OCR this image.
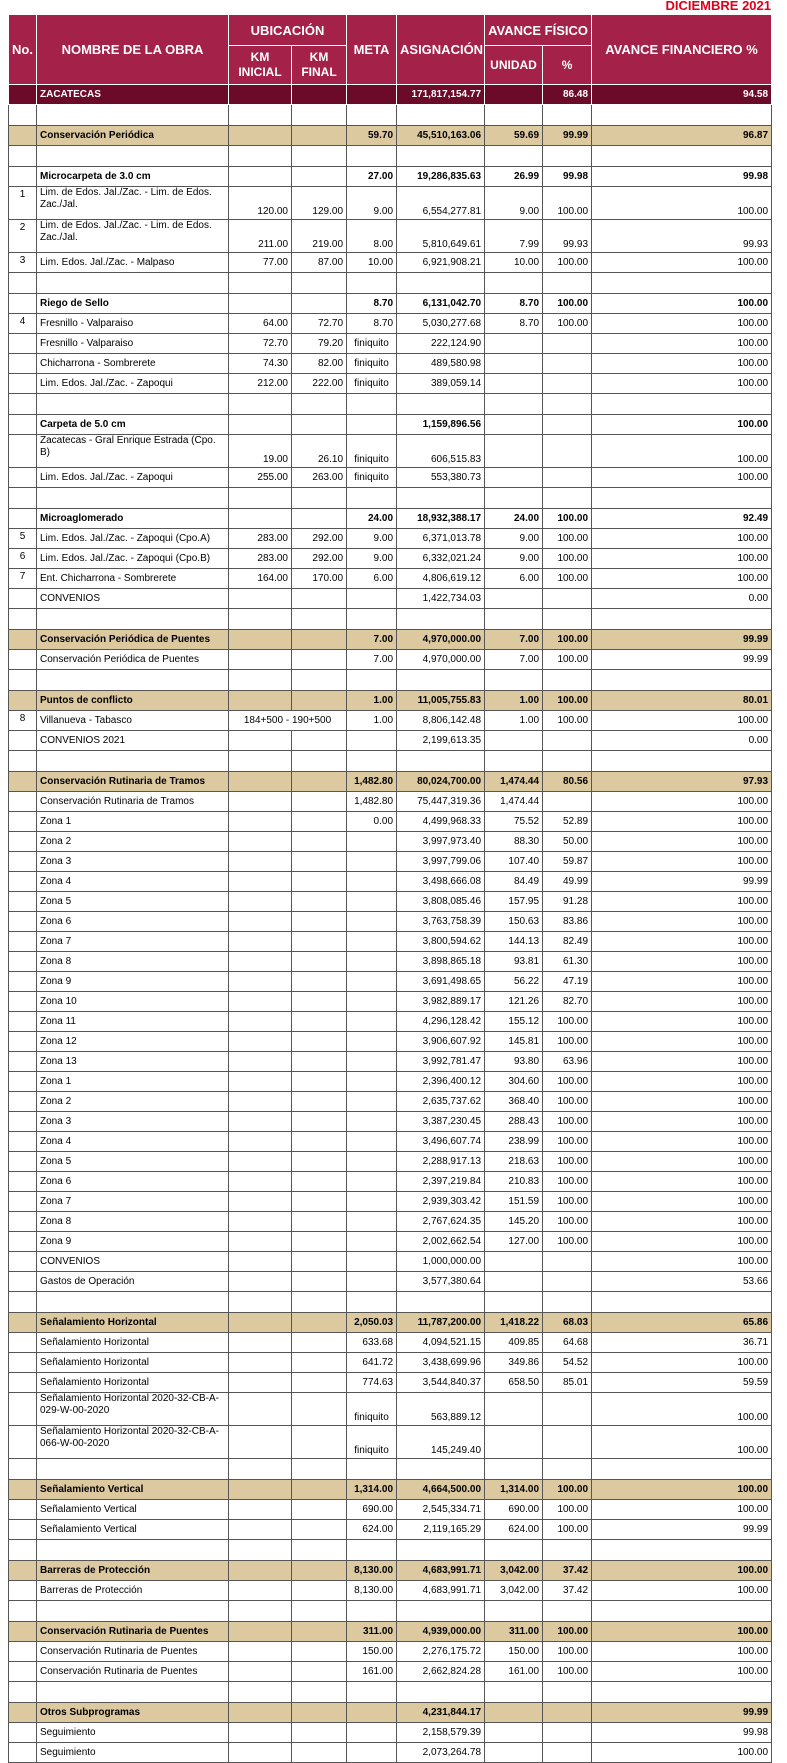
DICIEMBRE 2021
No.	NOMBRE DE LA OBRA	UBICACIÓN		META	ASIGNACIÓN	AVANCE FÍSICO		AVANCE FINANCIERO %
		KM INICIAL	KM FINAL			UNIDAD	%	
	ZACATECAS				171,817,154.77		86.48	94.58

	Conservación Periódica			59.70	45,510,163.06	59.69	99.99	96.87

	Microcarpeta de 3.0 cm			27.00	19,286,835.63	26.99	99.98	99.98
1	Lim. de Edos. Jal./Zac. - Lim. de Edos. Zac./Jal.	120.00	129.00	9.00	6,554,277.81	9.00	100.00	100.00
2	Lim. de Edos. Jal./Zac. - Lim. de Edos. Zac./Jal.	211.00	219.00	8.00	5,810,649.61	7.99	99.93	99.93
3	Lim. Edos. Jal./Zac. - Malpaso	77.00	87.00	10.00	6,921,908.21	10.00	100.00	100.00

	Riego de Sello			8.70	6,131,042.70	8.70	100.00	100.00
4	Fresnillo - Valparaiso	64.00	72.70	8.70	5,030,277.68	8.70	100.00	100.00
	Fresnillo - Valparaiso	72.70	79.20	finiquito	222,124.90			100.00
	Chicharrona - Sombrerete	74.30	82.00	finiquito	489,580.98			100.00
	Lim. Edos. Jal./Zac. - Zapoqui	212.00	222.00	finiquito	389,059.14			100.00

	Carpeta de 5.0 cm				1,159,896.56			100.00
	Zacatecas - Gral Enrique Estrada (Cpo. B)	19.00	26.10	finiquito	606,515.83			100.00
	Lim. Edos. Jal./Zac. - Zapoqui	255.00	263.00	finiquito	553,380.73			100.00

	Microaglomerado			24.00	18,932,388.17	24.00	100.00	92.49
5	Lim. Edos. Jal./Zac. - Zapoqui (Cpo.A)	283.00	292.00	9.00	6,371,013.78	9.00	100.00	100.00
6	Lim. Edos. Jal./Zac. - Zapoqui (Cpo.B)	283.00	292.00	9.00	6,332,021.24	9.00	100.00	100.00
7	Ent. Chicharrona - Sombrerete	164.00	170.00	6.00	4,806,619.12	6.00	100.00	100.00
	CONVENIOS				1,422,734.03			0.00

	Conservación Periódica de Puentes			7.00	4,970,000.00	7.00	100.00	99.99
	Conservación Periódica de Puentes			7.00	4,970,000.00	7.00	100.00	99.99

	Puntos de conflicto			1.00	11,005,755.83	1.00	100.00	80.01
8	Villanueva - Tabasco	184+500 - 190+500		1.00	8,806,142.48	1.00	100.00	100.00
	CONVENIOS 2021				2,199,613.35			0.00

	Conservación Rutinaria de Tramos			1,482.80	80,024,700.00	1,474.44	80.56	97.93
	Conservación Rutinaria de Tramos			1,482.80	75,447,319.36	1,474.44		100.00
	Zona 1			0.00	4,499,968.33	75.52	52.89	100.00
	Zona 2				3,997,973.40	88.30	50.00	100.00
	Zona 3				3,997,799.06	107.40	59.87	100.00
	Zona 4				3,498,666.08	84.49	49.99	99.99
	Zona 5				3,808,085.46	157.95	91.28	100.00
	Zona 6				3,763,758.39	150.63	83.86	100.00
	Zona 7				3,800,594.62	144.13	82.49	100.00
	Zona 8				3,898,865.18	93.81	61.30	100.00
	Zona 9				3,691,498.65	56.22	47.19	100.00
	Zona 10				3,982,889.17	121.26	82.70	100.00
	Zona 11				4,296,128.42	155.12	100.00	100.00
	Zona 12				3,906,607.92	145.81	100.00	100.00
	Zona 13				3,992,781.47	93.80	63.96	100.00
	Zona 1				2,396,400.12	304.60	100.00	100.00
	Zona 2				2,635,737.62	368.40	100.00	100.00
	Zona 3				3,387,230.45	288.43	100.00	100.00
	Zona 4				3,496,607.74	238.99	100.00	100.00
	Zona 5				2,288,917.13	218.63	100.00	100.00
	Zona 6				2,397,219.84	210.83	100.00	100.00
	Zona 7				2,939,303.42	151.59	100.00	100.00
	Zona 8				2,767,624.35	145.20	100.00	100.00
	Zona 9				2,002,662.54	127.00	100.00	100.00
	CONVENIOS				1,000,000.00			100.00
	Gastos de Operación				3,577,380.64			53.66

	Señalamiento Horizontal			2,050.03	11,787,200.00	1,418.22	68.03	65.86
	Señalamiento Horizontal			633.68	4,094,521.15	409.85	64.68	36.71
	Señalamiento Horizontal			641.72	3,438,699.96	349.86	54.52	100.00
	Señalamiento Horizontal			774.63	3,544,840.37	658.50	85.01	59.59
	Señalamiento Horizontal 2020-32-CB-A-029-W-00-2020			finiquito	563,889.12			100.00
	Señalamiento Horizontal 2020-32-CB-A-066-W-00-2020			finiquito	145,249.40			100.00

	Señalamiento Vertical			1,314.00	4,664,500.00	1,314.00	100.00	100.00
	Señalamiento Vertical			690.00	2,545,334.71	690.00	100.00	100.00
	Señalamiento Vertical			624.00	2,119,165.29	624.00	100.00	99.99

	Barreras de Protección			8,130.00	4,683,991.71	3,042.00	37.42	100.00
	Barreras de Protección			8,130.00	4,683,991.71	3,042.00	37.42	100.00

	Conservación Rutinaria de Puentes			311.00	4,939,000.00	311.00	100.00	100.00
	Conservación Rutinaria de Puentes			150.00	2,276,175.72	150.00	100.00	100.00
	Conservación Rutinaria de Puentes			161.00	2,662,824.28	161.00	100.00	100.00

	Otros Subprogramas				4,231,844.17			99.99
	Seguimiento				2,158,579.39			99.98
	Seguimiento				2,073,264.78			100.00
